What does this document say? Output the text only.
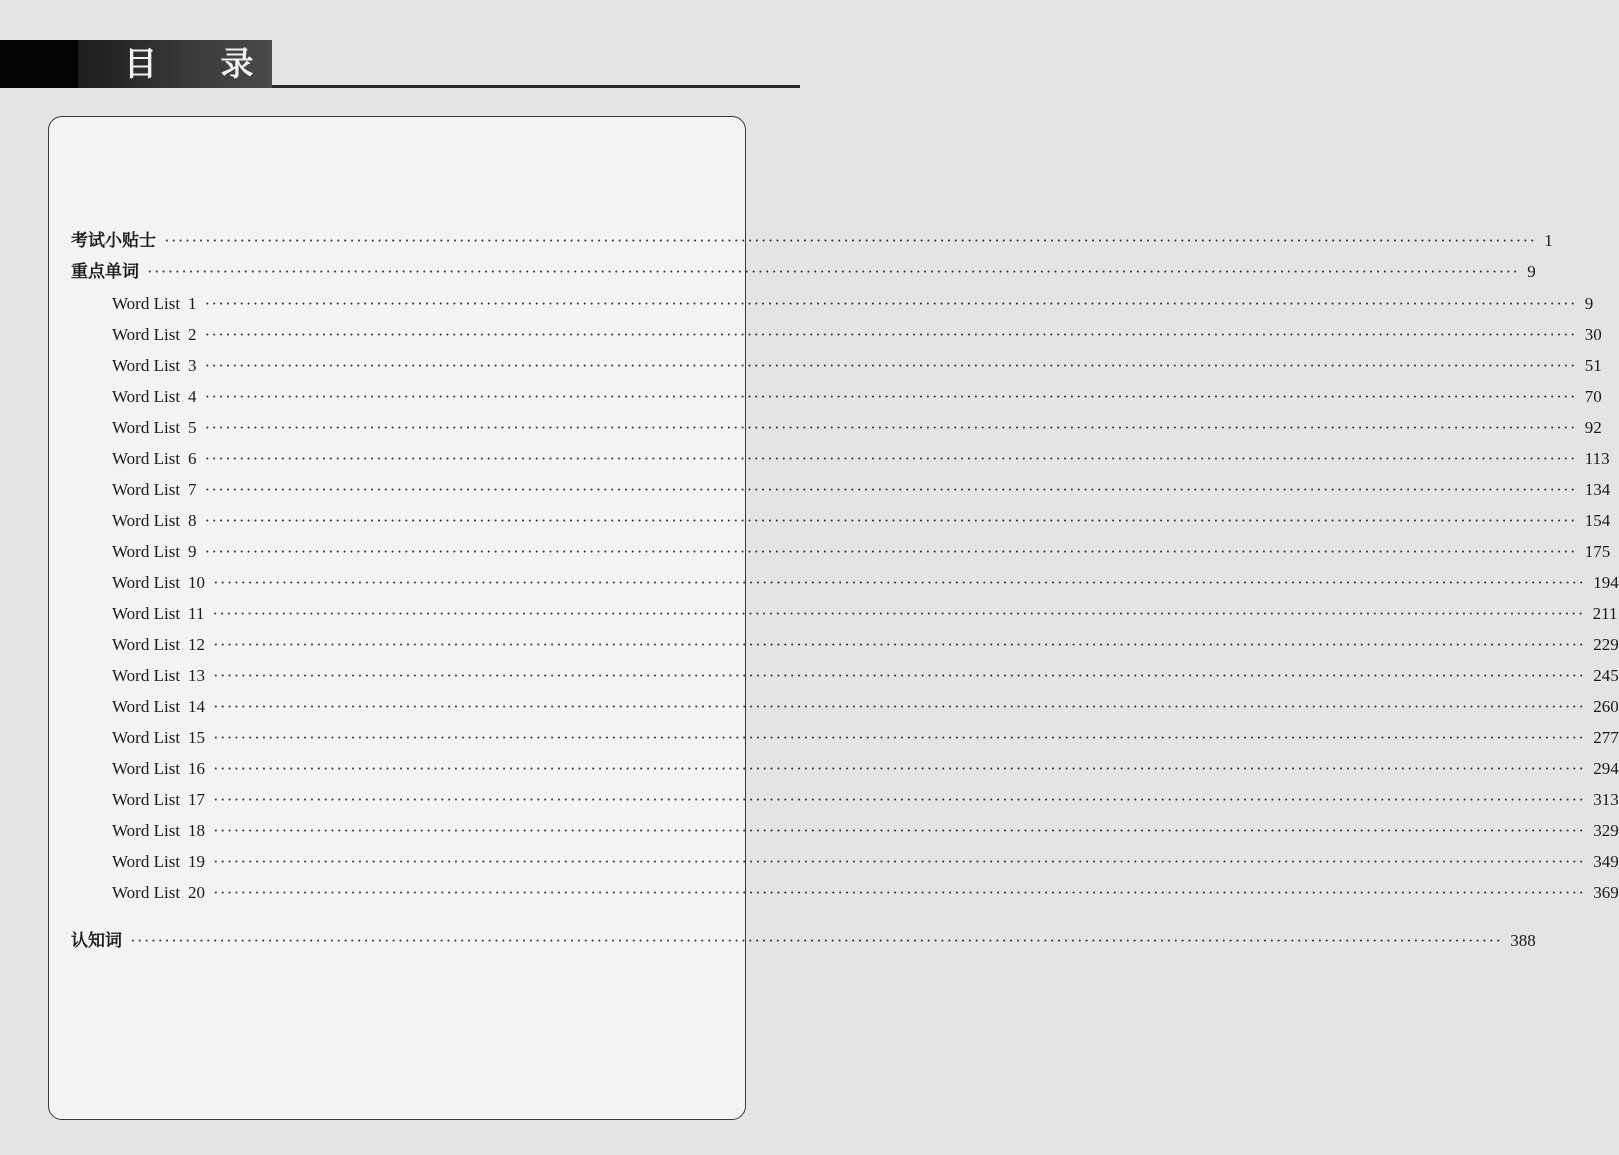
目 录
考试小贴士 ········································································································································································································ 1
重点单词 ········································································································································································································ 9
Word List 1 ········································································································································································································ 9
Word List 2 ········································································································································································································ 30
Word List 3 ········································································································································································································ 51
Word List 4 ········································································································································································································ 70
Word List 5 ········································································································································································································ 92
Word List 6 ········································································································································································································ 113
Word List 7 ········································································································································································································ 134
Word List 8 ········································································································································································································ 154
Word List 9 ········································································································································································································ 175
Word List 10 ········································································································································································································ 194
Word List 11 ········································································································································································································ 211
Word List 12 ········································································································································································································ 229
Word List 13 ········································································································································································································ 245
Word List 14 ········································································································································································································ 260
Word List 15 ········································································································································································································ 277
Word List 16 ········································································································································································································ 294
Word List 17 ········································································································································································································ 313
Word List 18 ········································································································································································································ 329
Word List 19 ········································································································································································································ 349
Word List 20 ········································································································································································································ 369
认知词 ········································································································································································································ 388
